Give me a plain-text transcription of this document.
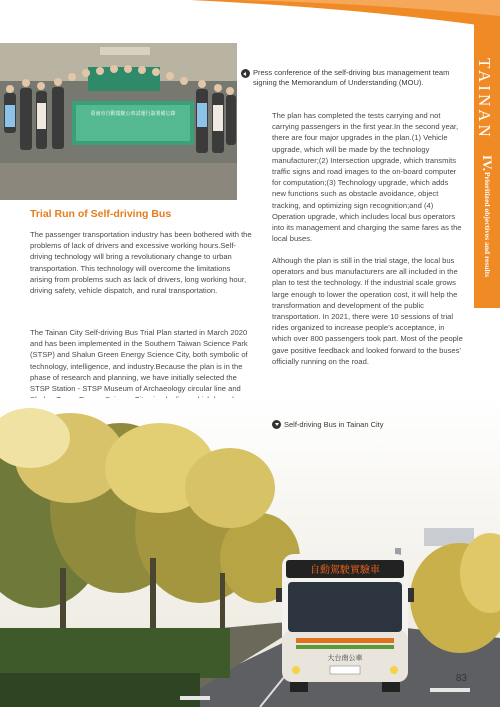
TAINAN
IV.
Prioritized objectives and results
臺南市自動駕駛公車試運行簽署備忘錄
Press conference of the self-driving bus management team
signing the Memorandum of Understanding (MOU).
Trial Run of Self-driving Bus

The passenger transportation industry has been bothered with the problems of lack of drivers and excessive working hours.Self-driving technology will bring a revolutionary change to urban transportation. This technology will overcome the limitations arising from problems such as lack of drivers, long working hour, driving safety, vehicle dispatch, and rural transportation.

The Tainan City Self-driving Bus Trial Plan started in March 2020 and has been implemented in the Southern Taiwan Science Park (STSP) and Shalun Green Energy Science City, both symbolic of technology, intelligence, and industry.Because the plan is in the phase of research and planning, we have initially selected the STSP Station - STSP Museum of Archaeology circular line and

The plan has completed the tests carrying and not carrying passengers in the first year.In the second year, there are four major upgrades in the plan.(1) Vehicle upgrade, which will be made by the technology manufacturer;(2) Intersection upgrade, which transmits traffic signs and road images to the on-board computer for computation;(3) Technology upgrade, which adds new functions such as obstacle avoidance, object tracking, and optimizing sign recognition;and (4) Operation upgrade, which includes local bus operators into its management and charging the same fares as the local buses.

Although the plan is still in the trial stage, the local bus operators and bus manufacturers are all included in the plan to test the technology. If the industrial scale grows large enough to lower the operation cost, it will help the transformation and development of the public transportation. In 2021, there were 10 sessions of trial rides organized to increase people’s acceptance, in which over 800 passengers took part. Most of the people gave positive feedback and looked forward to the buses’ officially running on the road.

自動駕駛實驗車
大台南公車
Self-driving Bus in Tainan City
83
